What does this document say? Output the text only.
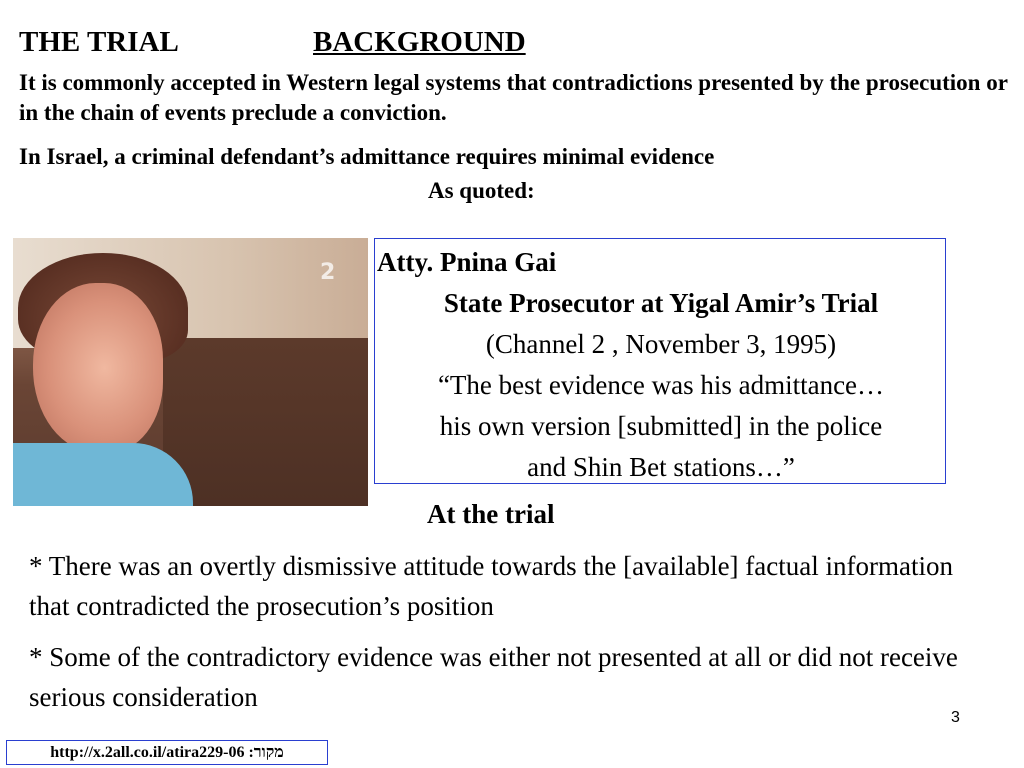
THE TRIAL	BACKGROUND
It is commonly accepted in Western legal systems that contradictions presented by the prosecution or in the chain of events preclude a conviction.
In Israel, a criminal defendant’s admittance requires minimal evidence
As quoted:
2 Atty. Pnina Gai
State Prosecutor at Yigal Amir’s Trial
(Channel 2 , November 3, 1995)
“The best evidence was his admittance…
his own version [submitted] in the police
and Shin Bet stations…”
At the trial
* There was an overtly dismissive attitude towards the [available] factual information that contradicted the prosecution’s position
* Some of the contradictory evidence was either not presented at all or did not receive serious consideration
3
http://x.2all.co.il/atira229-06 :מקור
